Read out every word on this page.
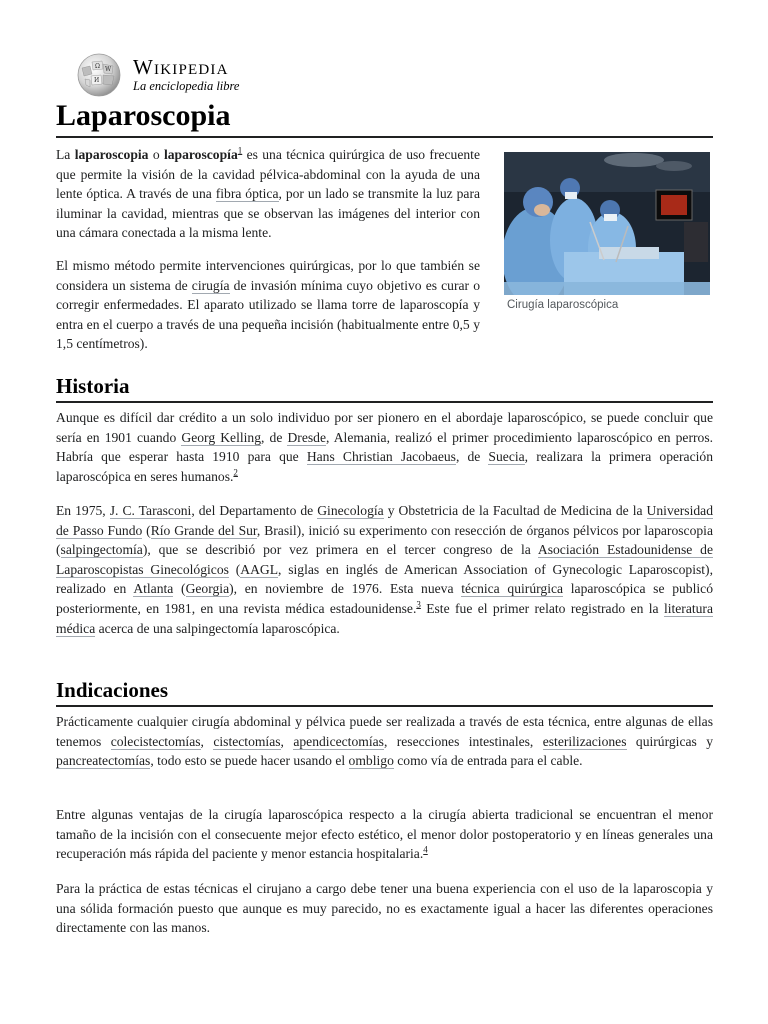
Ω W
И
Wikipedia
La enciclopedia libre
Laparoscopia
Cirugía laparoscópica

La laparoscopia o laparoscopía$^1$ es una técnica quirúrgica de uso frecuente que permite la visión de la cavidad pélvica-abdominal con la ayuda de una lente óptica. A través de una fibra óptica, por un lado se transmite la luz para iluminar la cavidad, mientras que se observan las imágenes del interior con una cámara conectada a la misma lente.

El mismo método permite intervenciones quirúrgicas, por lo que también se considera un sistema de cirugía de invasión mínima cuyo objetivo es curar o corregir enfermedades. El aparato utilizado se llama torre de laparoscopía y entra en el cuerpo a través de una pequeña incisión (habitualmente entre 0,5 y 1,5 centímetros).

Historia

Aunque es difícil dar crédito a un solo individuo por ser pionero en el abordaje laparoscópico, se puede concluir que sería en 1901 cuando Georg Kelling, de Dresde, Alemania, realizó el primer procedimiento laparoscópico en perros. Habría que esperar hasta 1910 para que Hans Christian Jacobaeus, de Suecia, realizara la primera operación laparoscópica en seres humanos.$^2$

En 1975, J. C. Tarasconi, del Departamento de Ginecología y Obstetricia de la Facultad de Medicina de la Universidad de Passo Fundo (Río Grande del Sur, Brasil), inició su experimento con resección de órganos pélvicos por laparoscopia (salpingectomía), que se describió por vez primera en el tercer congreso de la Asociación Estadounidense de Laparoscopistas Ginecológicos (AAGL, siglas en inglés de American Association of Gynecologic Laparoscopist), realizado en Atlanta (Georgia), en noviembre de 1976. Esta nueva técnica quirúrgica laparoscópica se publicó posteriormente, en 1981, en una revista médica estadounidense.$^3$ Este fue el primer relato registrado en la literatura médica acerca de una salpingectomía laparoscópica.

Indicaciones

Prácticamente cualquier cirugía abdominal y pélvica puede ser realizada a través de esta técnica, entre algunas de ellas tenemos colecistectomías, cistectomías, apendicectomías, resecciones intestinales, esterilizaciones quirúrgicas y pancreatectomías, todo esto se puede hacer usando el ombligo como vía de entrada para el cable.

Entre algunas ventajas de la cirugía laparoscópica respecto a la cirugía abierta tradicional se encuentran el menor tamaño de la incisión con el consecuente mejor efecto estético, el menor dolor postoperatorio y en líneas generales una recuperación más rápida del paciente y menor estancia hospitalaria.$^4$

Para la práctica de estas técnicas el cirujano a cargo debe tener una buena experiencia con el uso de la laparoscopia y una sólida formación puesto que aunque es muy parecido, no es exactamente igual a hacer las diferentes operaciones directamente con las manos.
